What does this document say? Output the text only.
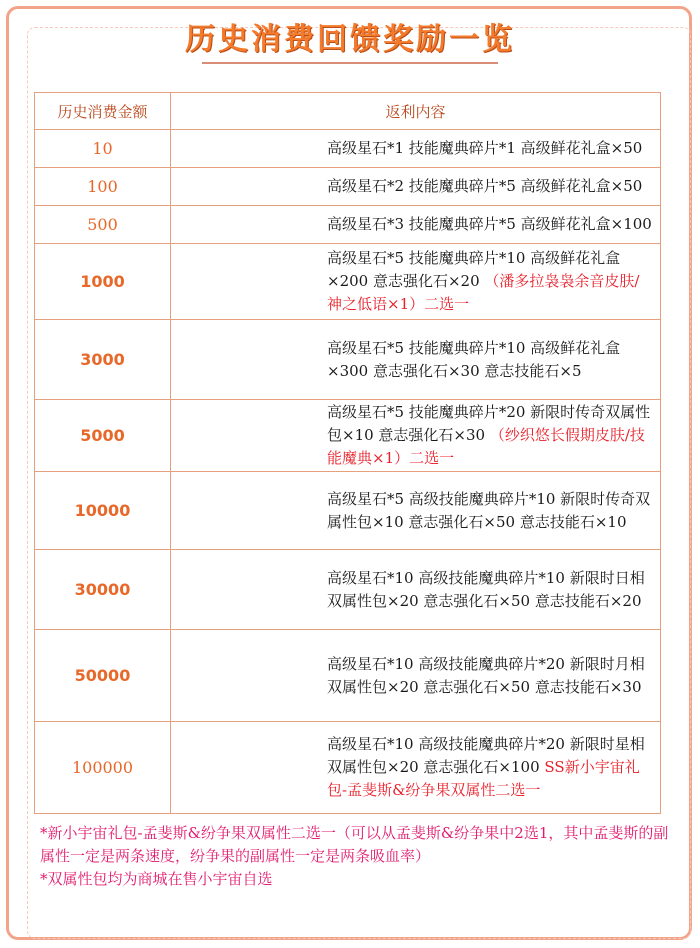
历史消费回馈奖励一览
历史消费金额	返利内容
10	高级星石*1 技能魔典碎片*1 高级鲜花礼盒×50

100	高级星石*2 技能魔典碎片*5 高级鲜花礼盒×50

500	高级星石*3 技能魔典碎片*5 高级鲜花礼盒×100

1000	高级星石*5 技能魔典碎片*10 高级鲜花礼盒×200 意志强化石×20 （潘多拉袅袅余音皮肤/神之低语×1）二选一

3000	高级星石*5 技能魔典碎片*10 高级鲜花礼盒×300 意志强化石×30 意志技能石×5

5000	高级星石*5 技能魔典碎片*20 新限时传奇双属性包×10 意志强化石×30 （纱织悠长假期皮肤/技能魔典×1）二选一

10000	高级星石*5 高级技能魔典碎片*10 新限时传奇双属性包×10 意志强化石×50 意志技能石×10

30000	高级星石*10 高级技能魔典碎片*10 新限时日相双属性包×20 意志强化石×50 意志技能石×20

50000	高级星石*10 高级技能魔典碎片*20 新限时月相双属性包×20 意志强化石×50 意志技能石×30

100000	高级星石*10 高级技能魔典碎片*20 新限时星相双属性包×20 意志强化石×100 SS新小宇宙礼包-孟斐斯&纷争果双属性二选一

*新小宇宙礼包-孟斐斯&纷争果双属性二选一（可以从孟斐斯&纷争果中2选1，其中孟斐斯的副属性一定是两条速度，纷争果的副属性一定是两条吸血率）

*双属性包均为商城在售小宇宙自选
